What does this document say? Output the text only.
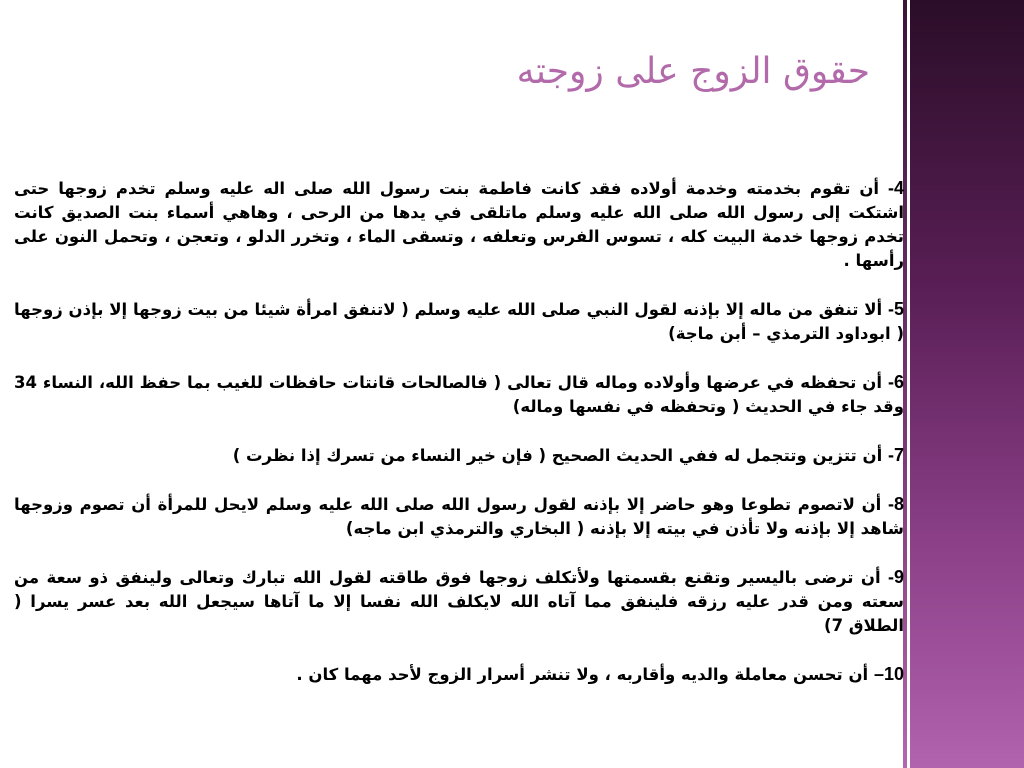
حقوق الزوج على زوجته

4- أن تقوم بخدمته وخدمة أولاده فقد كانت فاطمة بنت رسول الله صلى اله عليه وسلم تخدم زوجها حتى اشتكت إلى رسول الله صلى الله عليه وسلم ماتلقى في يدها من الرحى ، وهاهي أسماء بنت الصديق كانت تخدم زوجها خدمة البيت كله ، تسوس الفرس وتعلفه ، وتسقى الماء ، وتخرر الدلو ، وتعجن ، وتحمل النون على رأسها .

5- ألا تنفق من ماله إلا بإذنه لقول النبي صلى الله عليه وسلم ( لاتنفق امرأة شيئا من بيت زوجها إلا بإذن زوجها ( ابوداود الترمذي – أبن ماجة)

6- أن تحفظه في عرضها وأولاده وماله قال تعالى ( فالصالحات قانتات حافظات للغيب بما حفظ الله، النساء 34 وقد جاء في الحديث ( وتحفظه في نفسها وماله)

7- أن تتزين وتتجمل له ففي الحديث الصحيح ( فإن خير النساء من تسرك إذا نظرت )

8- أن لاتصوم تطوعا وهو حاضر إلا بإذنه لقول رسول الله صلى الله عليه وسلم لايحل للمرأة أن تصوم وزوجها شاهد إلا بإذنه ولا تأذن في بيته إلا بإذنه ( البخاري والترمذي ابن ماجه)

9- أن ترضى باليسير وتقنع بقسمتها ولأتكلف زوجها فوق طاقته لقول الله تبارك وتعالى ولينفق ذو سعة من سعته ومن قدر عليه رزقه فلينفق مما آتاه الله لايكلف الله نفسا إلا ما آتاها سيجعل الله بعد عسر يسرا ( الطلاق 7)

10– أن تحسن معاملة والديه وأقاربه ، ولا تنشر أسرار الزوج لأحد مهما كان .
